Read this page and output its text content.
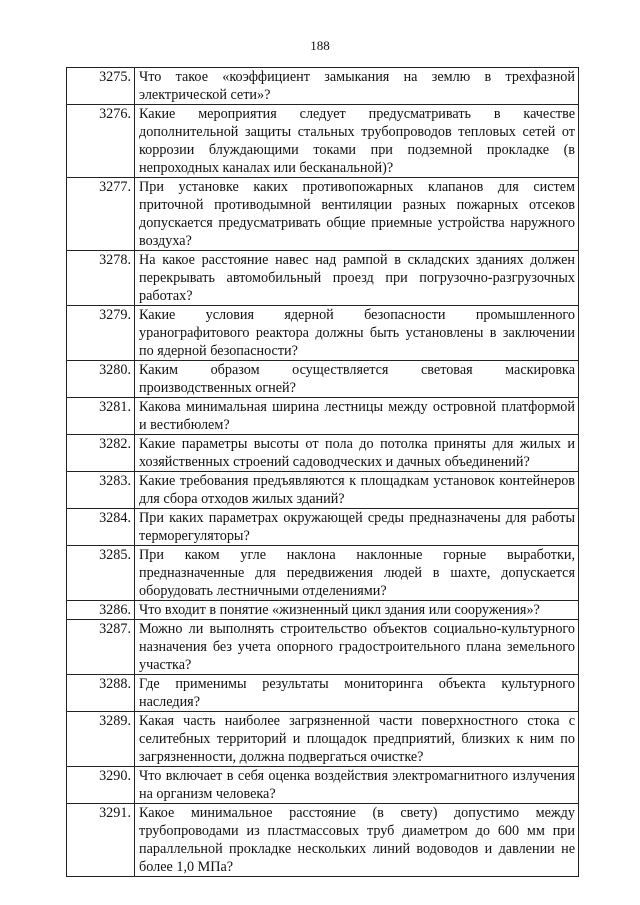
188
3275.	Что такое «коэффициент замыкания на землю в трехфазной электрической сети»?
3276.	Какие мероприятия следует предусматривать в качестве дополнительной защиты стальных трубопроводов тепловых сетей от коррозии блуждающими токами при подземной прокладке (в непроходных каналах или бесканальной)?
3277.	При установке каких противопожарных клапанов для систем приточной противодымной вентиляции разных пожарных отсеков допускается предусматривать общие приемные устройства наружного воздуха?
3278.	На какое расстояние навес над рампой в складских зданиях должен перекрывать автомобильный проезд при погрузочно-разгрузочных работах?
3279.	Какие условия ядерной безопасности промышленного уранографитового реактора должны быть установлены в заключении по ядерной безопасности?
3280.	Каким образом осуществляется световая маскировка производственных огней?
3281.	Какова минимальная ширина лестницы между островной платформой и вестибюлем?
3282.	Какие параметры высоты от пола до потолка приняты для жилых и хозяйственных строений садоводческих и дачных объединений?
3283.	Какие требования предъявляются к площадкам установок контейнеров для сбора отходов жилых зданий?
3284.	При каких параметрах окружающей среды предназначены для работы терморегуляторы?
3285.	При каком угле наклона наклонные горные выработки, предназначенные для передвижения людей в шахте, допускается оборудовать лестничными отделениями?
3286.	Что входит в понятие «жизненный цикл здания или сооружения»?
3287.	Можно ли выполнять строительство объектов социально-культурного назначения без учета опорного градостроительного плана земельного участка?
3288.	Где применимы результаты мониторинга объекта культурного наследия?
3289.	Какая часть наиболее загрязненной части поверхностного стока с селитебных территорий и площадок предприятий, близких к ним по загрязненности, должна подвергаться очистке?
3290.	Что включает в себя оценка воздействия электромагнитного излучения на организм человека?
3291.	Какое минимальное расстояние (в свету) допустимо между трубопроводами из пластмассовых труб диаметром до 600 мм при параллельной прокладке нескольких линий водоводов и давлении не более 1,0 МПа?
